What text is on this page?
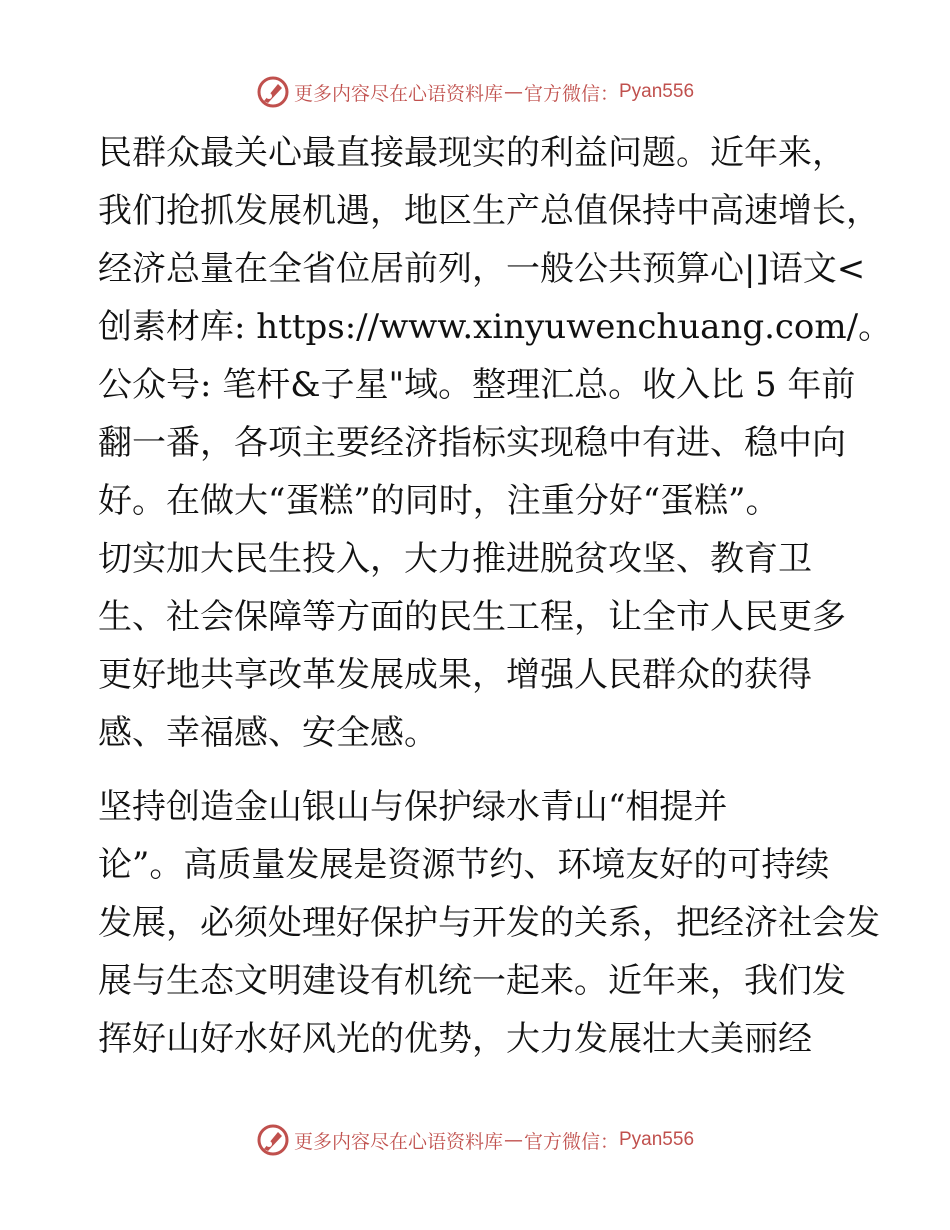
更多内容尽在心语资料库 — 官方微信： Pyan556
民群众最关心最直接最现实的利益问题。近年来，
我们抢抓发展机遇，地区生产总值保持中高速增长，
经济总量在全省位居前列，一般公共预算心|]语文<
创素材库: https://www.xinyuwenchuang.com/。
公众号: 笔杆&子星"域。整理汇总。收入比 5 年前
翻一番，各项主要经济指标实现稳中有进、稳中向
好。在做大“蛋糕”的同时，注重分好“蛋糕”。
切实加大民生投入，大力推进脱贫攻坚、教育卫
生、社会保障等方面的民生工程，让全市人民更多
更好地共享改革发展成果，增强人民群众的获得
感、幸福感、安全感。
坚持创造金山银山与保护绿水青山“相提并
论”。高质量发展是资源节约、环境友好的可持续
发展，必须处理好保护与开发的关系，把经济社会发
展与生态文明建设有机统一起来。近年来，我们发
挥好山好水好风光的优势，大力发展壮大美丽经
更多内容尽在心语资料库 — 官方微信： Pyan556
